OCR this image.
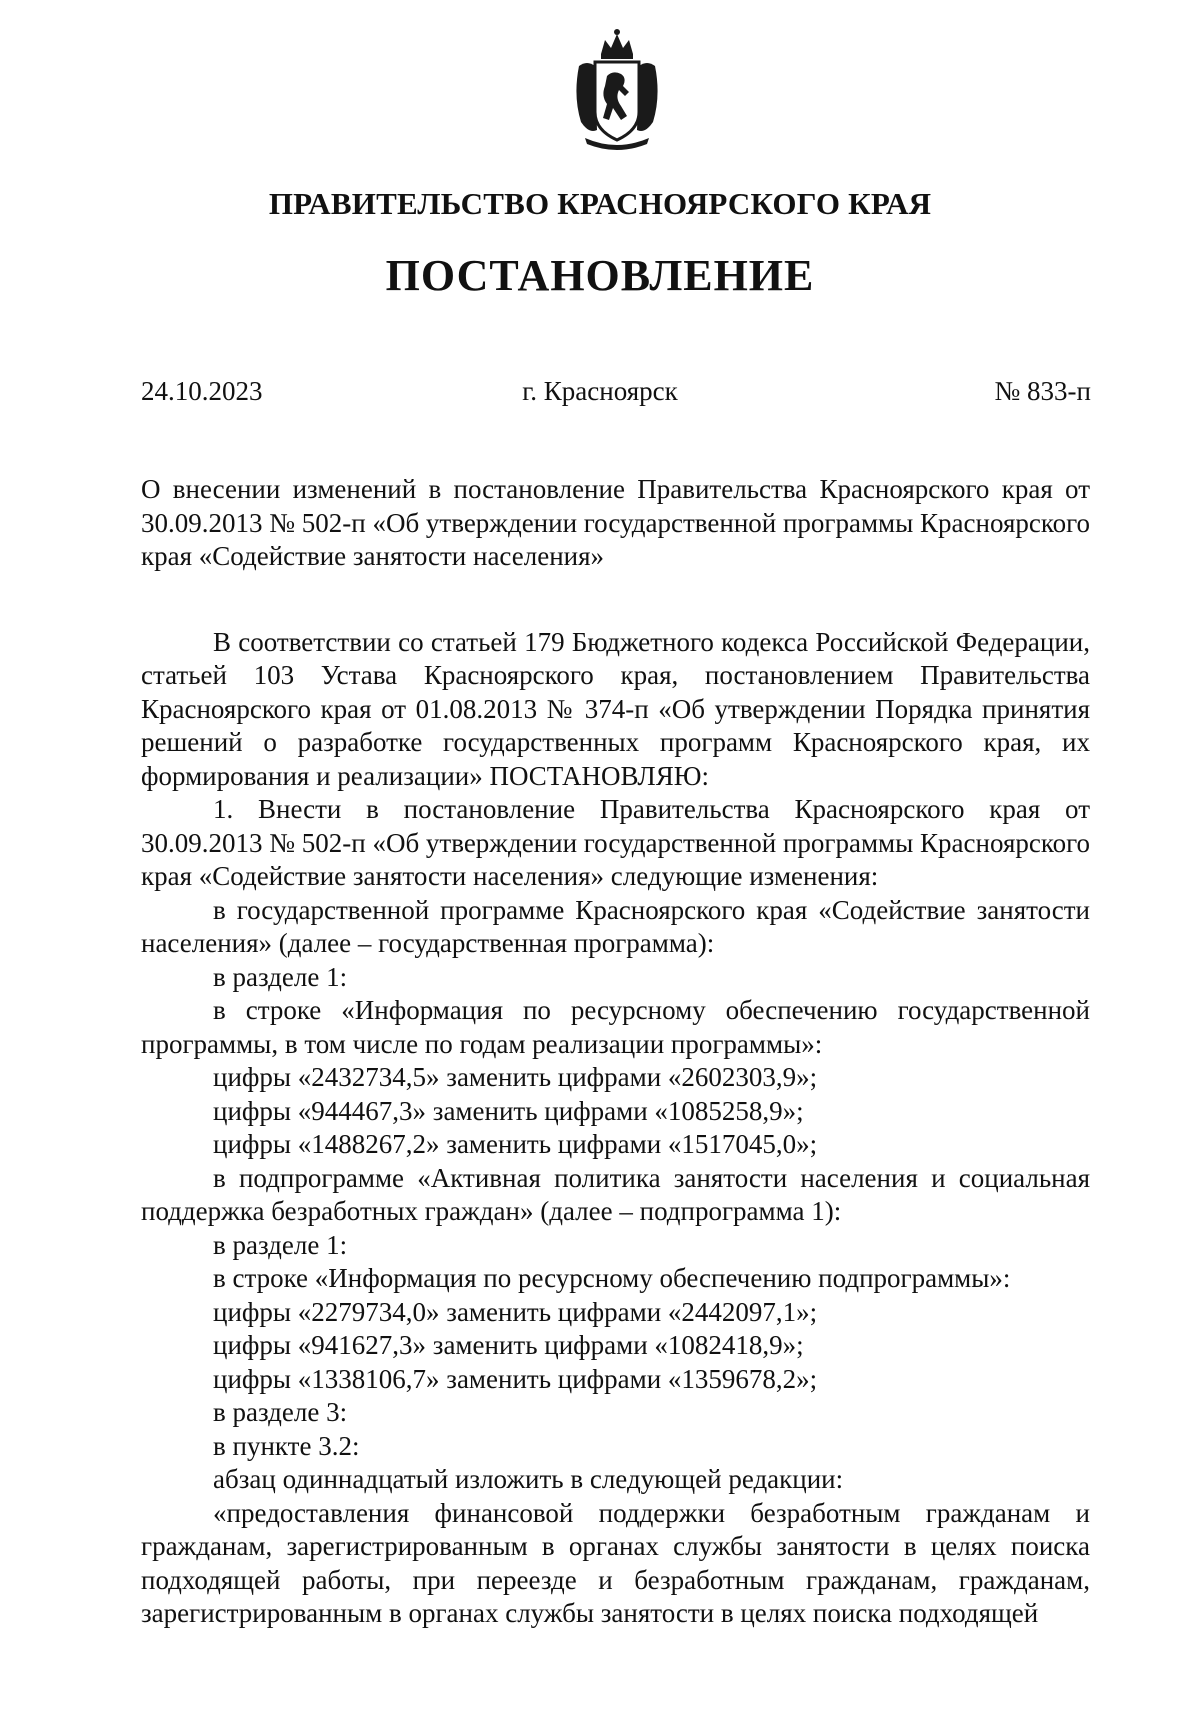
ПРАВИТЕЛЬСТВО КРАСНОЯРСКОГО КРАЯ
ПОСТАНОВЛЕНИЕ
24.10.2023	г. Красноярск	№ 833-п

О внесении изменений в постановление Правительства Красноярского края от 30.09.2013 № 502-п «Об утверждении государственной программы Красноярского края «Содействие занятости населения»

В соответствии со статьей 179 Бюджетного кодекса Российской Федерации, статьей 103 Устава Красноярского края, постановлением Правительства Красноярского края от 01.08.2013 № 374-п «Об утверждении Порядка принятия решений о разработке государственных программ Красноярского края, их формирования и реализации» ПОСТАНОВЛЯЮ:

1. Внести в постановление Правительства Красноярского края от 30.09.2013 № 502-п «Об утверждении государственной программы Красноярского края «Содействие занятости населения» следующие изменения:

в государственной программе Красноярского края «Содействие занятости населения» (далее – государственная программа):

в разделе 1:

в строке «Информация по ресурсному обеспечению государственной программы, в том числе по годам реализации программы»:

цифры «2432734,5» заменить цифрами «2602303,9»;

цифры «944467,3» заменить цифрами «1085258,9»;

цифры «1488267,2» заменить цифрами «1517045,0»;

в подпрограмме «Активная политика занятости населения и социальная поддержка безработных граждан» (далее – подпрограмма 1):

в разделе 1:

в строке «Информация по ресурсному обеспечению подпрограммы»:

цифры «2279734,0» заменить цифрами «2442097,1»;

цифры «941627,3» заменить цифрами «1082418,9»;

цифры «1338106,7» заменить цифрами «1359678,2»;

в разделе 3:

в пункте 3.2:

абзац одиннадцатый изложить в следующей редакции:

«предоставления финансовой поддержки безработным гражданам и гражданам, зарегистрированным в органах службы занятости в целях поиска подходящей работы, при переезде и безработным гражданам, гражданам, зарегистрированным в органах службы занятости в целях поиска подходящей
